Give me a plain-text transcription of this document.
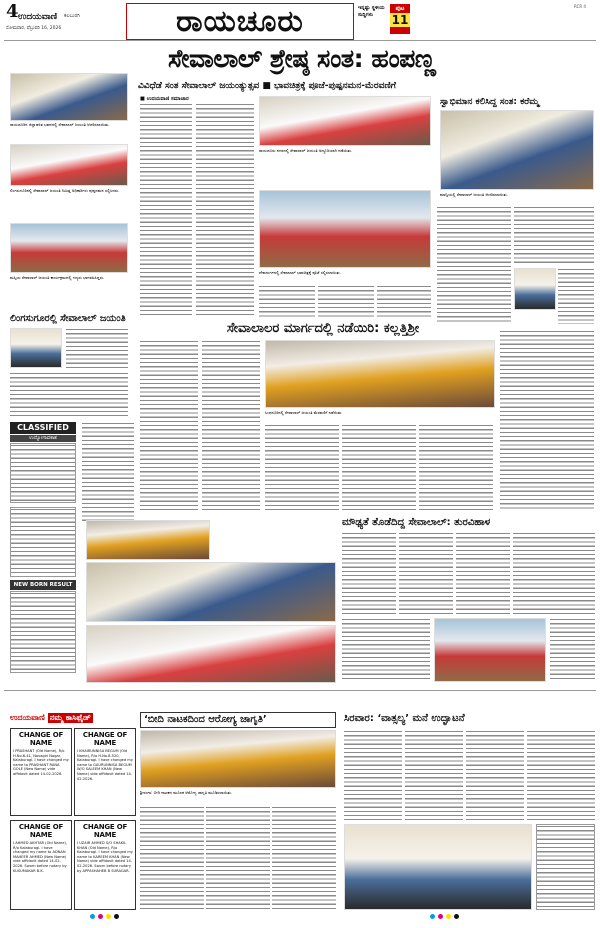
4 ಉದಯವಾಣಿ ಕಲಬುರಗಿ
ಸೋಮವಾರ, ಫೆಬ್ರುವರಿ 16, 2026	ರಾಯಚೂರು	ಇನ್ನಷ್ಟು ಸ್ಥಳೀಯ ಸುದ್ದಿಗಳು
ಪುಟ
11
RCR 4
ರಾಯಚೂರಿನ ಜಿಲ್ಲಾಡಳಿತ ಭವನದಲ್ಲಿ ಸೇವಾಲಾಲ್‌ ಜಯಂತಿ ಆಚರಿಸಲಾಯಿತು.
ಲಿಂಗಸುಗೂರಿನಲ್ಲಿ ಸೇವಾಲಾಲ್‌ ಜಯಂತಿ ನಿಮಿತ್ತ ಅಧಿಕಾರಿಗಳು ಪುಷ್ಪನಮನ ಸಲ್ಲಿಸಿದರು.
ಮಸ್ಕಿಯ ಸೇವಾಲಾಲ್‌ ಜಯಂತಿ ಕಾರ್ಯಕ್ರಮದಲ್ಲಿ ಗಣ್ಯರು ಭಾಗವಹಿಸಿದ್ದರು.
ಲಿಂಗಸುಗೂರಲ್ಲಿ ಸೇವಾಲಾಲ್‌ ಜಯಂತಿ
CLASSIFIED
ಉದ್ಯೋಗಾವಕಾಶ
NEW BORN RESULT
ಸೇವಾಲಾಲ್‌ ಶ್ರೇಷ್ಠ ಸಂತ: ಹಂಪಣ್ಣ
ವಿವಿಧೆಡೆ ಸಂತ ಸೇವಾಲಾಲ್‌ ಜಯಂತ್ಯುತ್ಸವ ■ ಭಾವಚಿತ್ರಕ್ಕೆ ಪೂಜೆ-ಪುಷ್ಪನಮನ-ಮೆರವಣಿಗೆ
■ ಉದಯವಾಣಿ ಸಮಾಚಾರ
ರಾಯಚೂರು ನಗರದಲ್ಲಿ ಸೇವಾಲಾಲ್‌ ಜಯಂತಿ ಅದ್ದೂರಿಯಾಗಿ ನಡೆಯಿತು.
ದೇವದುರ್ಗದಲ್ಲಿ ಸೇವಾಲಾಲ್‌ ಭಾವಚಿತ್ರಕ್ಕೆ ಪೂಜೆ ಸಲ್ಲಿಸಲಾಯಿತು.
ಸ್ವಾಭಿಮಾನ ಕಲಿಸಿದ್ದ ಸಂತ: ಕರೆಮ್ಮ
ಮಾನ್ವಿಯಲ್ಲಿ ಸೇವಾಲಾಲ್‌ ಜಯಂತಿ ಆಚರಿಸಲಾಯಿತು.
ಸೇವಾಲಾಲರ ಮಾರ್ಗದಲ್ಲಿ ನಡೆಯಿರಿ: ಕಲ್ಲತ್ತಿಶ್ರೀ
ಸಿಂಧನೂರಿನಲ್ಲಿ ಸೇವಾಲಾಲ್‌ ಜಯಂತಿ ಮೆರವಣಿಗೆ ನಡೆಯಿತು.
ಮೌಢ್ಯತೆ ತೊಡೆದಿದ್ದ ಸೇವಾಲಾಲ್‌: ತುರವಿಹಾಳ
ಉದಯವಾಣಿ ನಮ್ಮ ಕಾಸಿಫೈಡ್
CHANGE OF NAME
I PRASHANT (Old Name), R/o H.No.6-41, Navagiri Nagar, Kalaburagi. I have changed my name to PRASHANT RANA GOLE (New Name) vide affidavit dated 14-02-2026.
CHANGE OF NAME
I KHAIRUNNISA BEGUM (Old Name), R/o H.No.8-520, Kalaburagi. I have changed my name to GAURUNNISA BEGUM W/O SALEEM KHAN (New Name) vide affidavit dated 14-02-2026.
CHANGE OF NAME
I AHMED AKHTAR (Old Name), R/o Kalaburagi. I have changed my name to ADNAN MAHEER AHMED (New Name) vide affidavit dated 14-02-2026. Sworn before notary by KUSUMAKAR B.K.
CHANGE OF NAME
I UZAIR AHMED S/O SHAKIL KHAN (Old Name), R/o Kalaburagi. I have changed my name to KAREEM KHAN (New Name) vide affidavit dated 14-02-2026. Sworn before notary by APPASHAHEB B SURAGAR.
‘ಬೀದಿ ನಾಟಕದಿಂದ ಆರೋಗ್ಯ ಜಾಗೃತಿ’
ಶ್ರೀರಂಗಾ: ಬೀದಿ ನಾಟಕದ ಮೂಲಕ ಆರೋಗ್ಯ ಜಾಗೃತಿ ಮೂಡಿಸಲಾಯಿತು.
ಸಿರವಾರ: ‘ವಾತ್ಸಲ್ಯ’ ಮನೆ ಉದ್ಘಾಟನೆ
